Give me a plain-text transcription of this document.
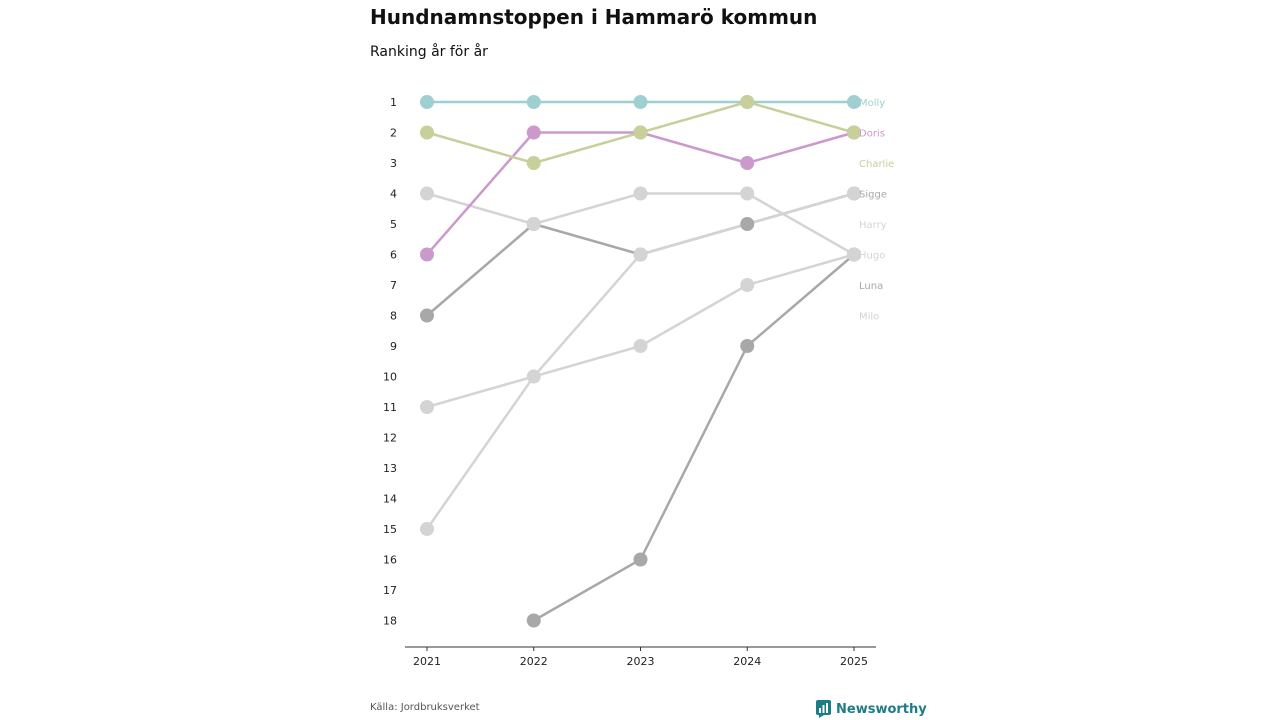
Hundnamnstoppen i Hammarö kommun
Ranking år för år
1
2
3
4
5
6
7
8
9
10
11
12
13
14
15
16
17
18
2021	2022	2023	2024	2025
Molly
Doris
Charlie
Sigge
Harry
Hugo
Luna
Milo
Källa: Jordbruksverket	Newsworthy
